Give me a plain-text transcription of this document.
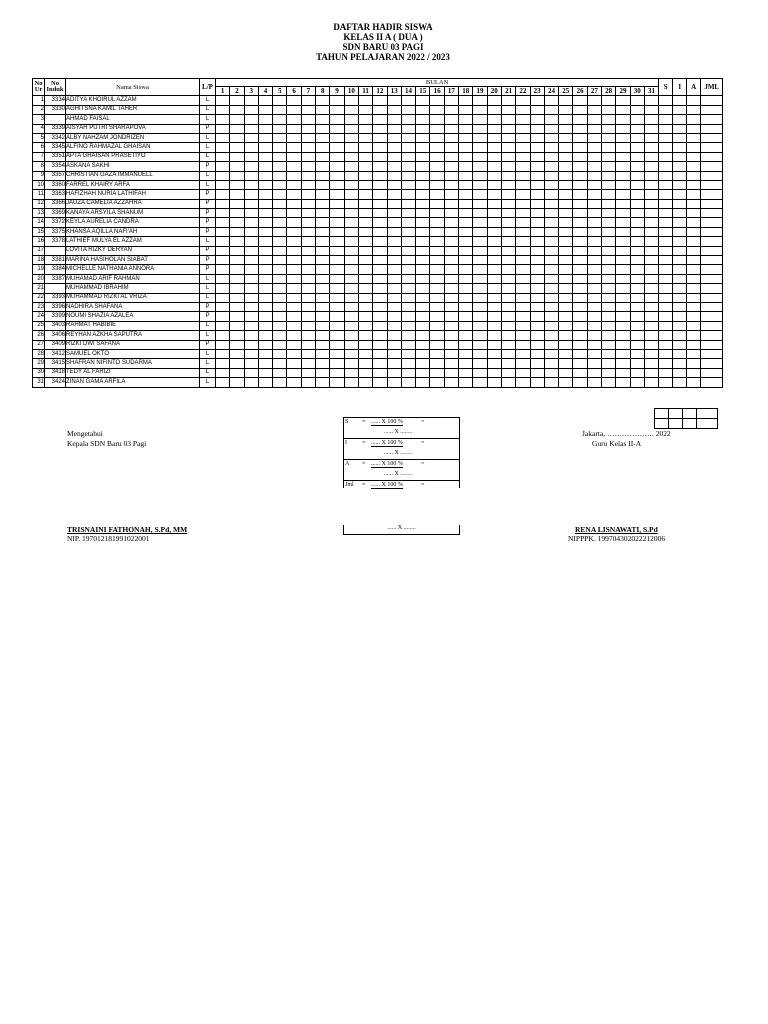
DAFTAR HADIR SISWA
KELAS II A ( DUA )
SDN BARU 03 PAGI
TAHUN PELAJARAN 2022 / 2023
No
Ur	No
Induk	Nama Siswa	L/P	BULAN																															S	I	A	JML
				1	2	3	4	5	6	7	8	9	10	11	12	13	14	15	16	17	18	19	20	21	22	23	24	25	26	27	28	29	30	31				
1	3334	ADITYA KHOIRUL AZZAM	L																																			
2	3330	AGHITSNA KAMIL TAHER	L																																			
3		AHMAD FAISAL	L																																			
4	3339	AISYAH PUTRI SHARAPOVA	P																																			
5	3342	ALBY NAHZAM JONDRIZEN	L																																			
6	3345	ALFINO RAHMAZAL GHAISAN	L																																			
7	3351	APTA GHAISAN PRASETIYO	L																																			
8	3354	ASKANA SAKHI	P																																			
9	3357	CHRISTIAN GAZA IMMANUELL	L																																			
10	3360	FARREL KHAIRY ARFA	L																																			
11	3363	HAFIZHAH NURIA LATHIFAH	P																																			
12	3366	JAUZA CAMELIA AZZAHRA	P																																			
13	3369	KANAYA ARSYILA SHANUM	P																																			
14	3372	KEYLA AURELIA CANDRA	P																																			
15	3375	KHANSA AQILLA NAFI'AH	P																																			
16	3378	LATHIEF MULYA EL AZZAM	L																																			
17		LOVITA RIZKY DERYAN	P																																			
18	3381	MARINA HASIHOLAN SIABAT	P																																			
19	3384	MICHELLE NATHANIA ANNORA	P																																			
20	3387	MUHAMAD ARIF RAHMAN	L																																			
21		MUHAMMAD IBRAHIM	L																																			
22	3393	MUHAMMAD RIZKI AL VRIZA	L																																			
23	3396	NADHIRA SHAFANA	P																																			
24	3399	NOUMI SHAZIA AZALEA	P																																			
25	3403	RAHMAT HABIBIE	L																																			
26	3406	REYHAN AZKHA SAPUTRA	L																																			
27	3409	RIZKI DWI SAFANA	P																																			
28	3412	SAMUEL OKTO	L																																			
29	3415	SHAFRAN NIFINTO SUDARMA	L																																			
30	3418	TEDY AL FARIZI	L																																			
31	3424	ZINAN GAMA ARFILA	L																																			

Mengetahui
Kepala SDN Baru 03 Pagi
Jakarta, ………………. 2022
Guru Kelas II-A
S = ...... X 100 %	=
...... X ........
I	= ...... X 100 %	=
...... X ........
A = ...... X 100 %	=
...... X ........
Jml = ...... X 100 %	=
...... X ........
TRISNAINI FATHONAH, S.Pd, MM
NIP. 197012181991022001
RENA LISNAWATI, S.Pd
NIPPPK. 199704302022212006
